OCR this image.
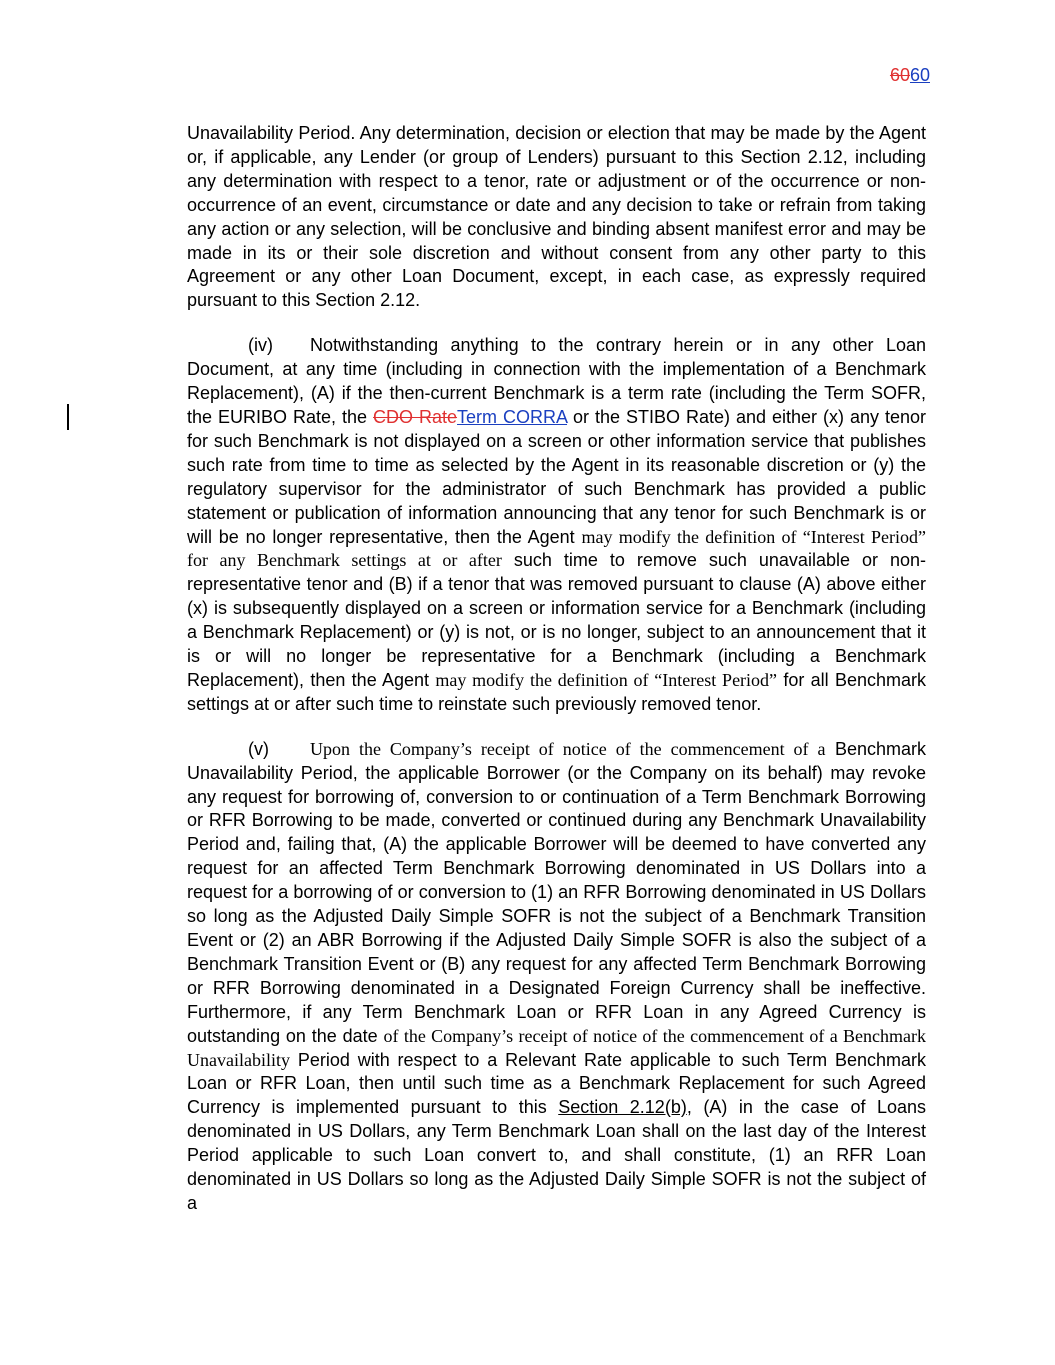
6060

Unavailability Period. Any determination, decision or election that may be made by the Agent or, if applicable, any Lender (or group of Lenders) pursuant to this Section 2.12, including any determination with respect to a tenor, rate or adjustment or of the occurrence or non-occurrence of an event, circumstance or date and any decision to take or refrain from taking any action or any selection, will be conclusive and binding absent manifest error and may be made in its or their sole discretion and without consent from any other party to this Agreement or any other Loan Document, except, in each case, as expressly required pursuant to this Section 2.12.

(iv) Notwithstanding anything to the contrary herein or in any other Loan Document, at any time (including in connection with the implementation of a Benchmark Replacement), (A) if the then-current Benchmark is a term rate (including the Term SOFR, the EURIBO Rate, the CDO RateTerm CORRA or the STIBO Rate) and either (x) any tenor for such Benchmark is not displayed on a screen or other information service that publishes such rate from time to time as selected by the Agent in its reasonable discretion or (y) the regulatory supervisor for the administrator of such Benchmark has provided a public statement or publication of information announcing that any tenor for such Benchmark is or will be no longer representative, then the Agent may modify the definition of “Interest Period” for any Benchmark settings at or after such time to remove such unavailable or non-representative tenor and (B) if a tenor that was removed pursuant to clause (A) above either (x) is subsequently displayed on a screen or information service for a Benchmark (including a Benchmark Replacement) or (y) is not, or is no longer, subject to an announcement that it is or will no longer be representative for a Benchmark (including a Benchmark Replacement), then the Agent may modify the definition of “Interest Period” for all Benchmark settings at or after such time to reinstate such previously removed tenor.

(v) Upon the Company’s receipt of notice of the commencement of a Benchmark Unavailability Period, the applicable Borrower (or the Company on its behalf) may revoke any request for borrowing of, conversion to or continuation of a Term Benchmark Borrowing or RFR Borrowing to be made, converted or continued during any Benchmark Unavailability Period and, failing that, (A) the applicable Borrower will be deemed to have converted any request for an affected Term Benchmark Borrowing denominated in US Dollars into a request for a borrowing of or conversion to (1) an RFR Borrowing denominated in US Dollars so long as the Adjusted Daily Simple SOFR is not the subject of a Benchmark Transition Event or (2) an ABR Borrowing if the Adjusted Daily Simple SOFR is also the subject of a Benchmark Transition Event or (B) any request for any affected Term Benchmark Borrowing or RFR Borrowing denominated in a Designated Foreign Currency shall be ineffective. Furthermore, if any Term Benchmark Loan or RFR Loan in any Agreed Currency is outstanding on the date of the Company’s receipt of notice of the commencement of a Benchmark Unavailability Period with respect to a Relevant Rate applicable to such Term Benchmark Loan or RFR Loan, then until such time as a Benchmark Replacement for such Agreed Currency is implemented pursuant to this Section 2.12(b), (A) in the case of Loans denominated in US Dollars, any Term Benchmark Loan shall on the last day of the Interest Period applicable to such Loan convert to, and shall constitute, (1) an RFR Loan denominated in US Dollars so long as the Adjusted Daily Simple SOFR is not the subject of a
